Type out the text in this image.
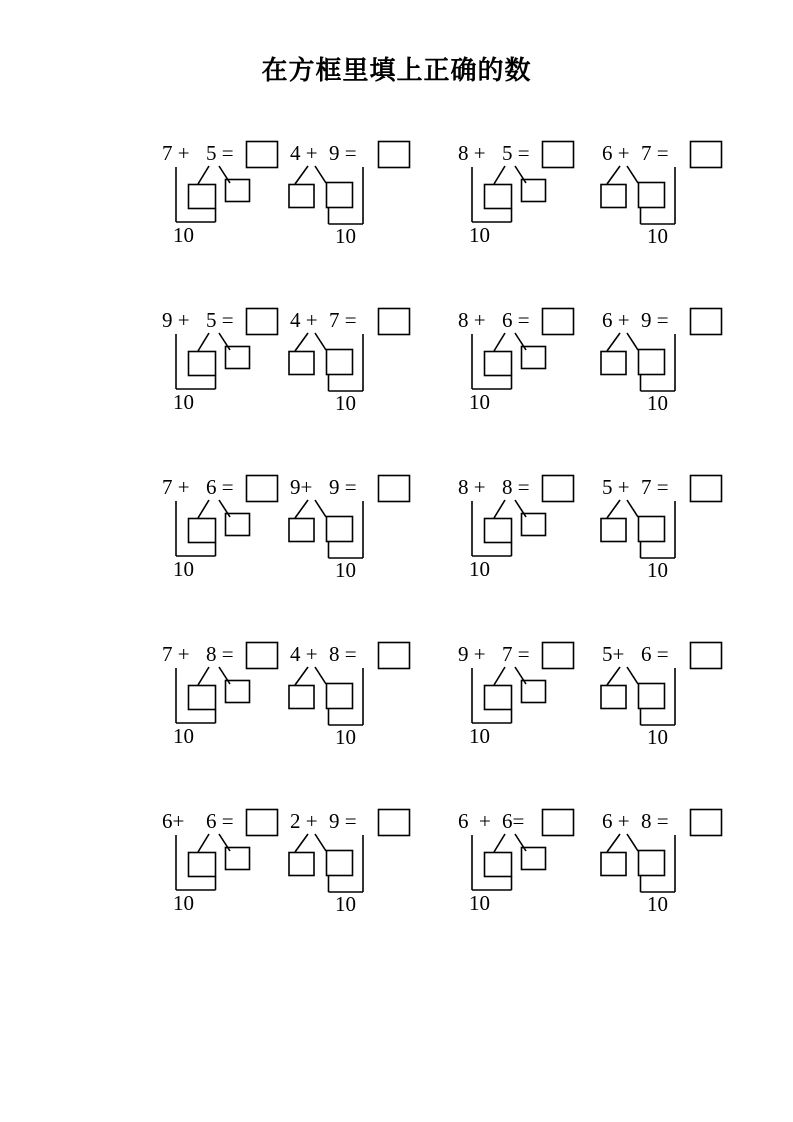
在方框里填上正确的数
7 + 5 =
10
4 + 9 =
10
8 + 5 =
10
6 + 7 =
10
9 + 5 =
10
4 + 7 =
10
8 + 6 =
10
6 + 9 =
10
7 + 6 =
10
9+ 9 =
10
8 + 8 =
10
5 + 7 =
10
7 + 8 =
10
4 + 8 =
10
9 + 7 =
10
5+ 6 =
10
6+ 6 =
10
2 + 9 =
10
6  + 6=
10
6 + 8 =
10
